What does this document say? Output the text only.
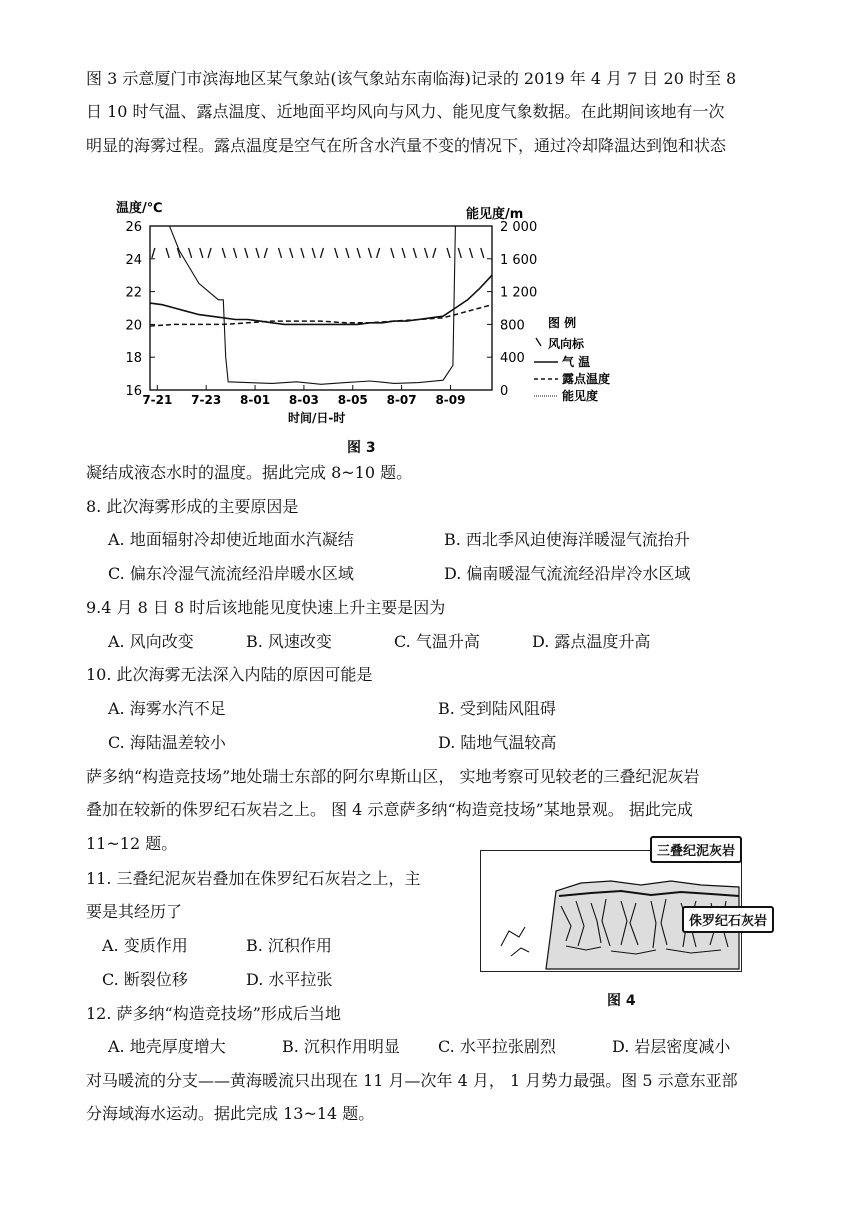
图 3 示意厦门市滨海地区某气象站(该气象站东南临海)记录的 2019 年 4 月 7 日 20 时至 8
日 10 时气温、露点温度、近地面平均风向与风力、能见度气象数据。在此期间该地有一次
明显的海雾过程。露点温度是空气在所含水汽量不变的情况下，通过冷却降温达到饱和状态
温度/℃	能见度/m
时间/日-时
16
18
20
22
24
26
0
400
800
1 200
1 600
2 000
7-21 7-23 8-01 8-03 8-05 8-07 8-09
图 例
风向标
气 温
露点温度
能见度
图 3
凝结成液态水时的温度。据此完成 8~10 题。
8. 此次海雾形成的主要原因是
A. 地面辐射冷却使近地面水汽凝结	B. 西北季风迫使海洋暖湿气流抬升
C. 偏东冷湿气流流经沿岸暖水区域	D. 偏南暖湿气流流经沿岸冷水区域
9.4 月 8 日 8 时后该地能见度快速上升主要是因为
A. 风向改变	B. 风速改变	C. 气温升高	D. 露点温度升高
10. 此次海雾无法深入内陆的原因可能是
A. 海雾水汽不足	B. 受到陆风阻碍
C. 海陆温差较小	D. 陆地气温较高
萨多纳“构造竞技场”地处瑞士东部的阿尔卑斯山区， 实地考察可见较老的三叠纪泥灰岩
叠加在较新的侏罗纪石灰岩之上。 图 4 示意萨多纳“构造竞技场”某地景观。 据此完成
11~12 题。	三叠纪泥灰岩
侏罗纪石灰岩
图 4
11. 三叠纪泥灰岩叠加在侏罗纪石灰岩之上，主
要是其经历了
A. 变质作用	B. 沉积作用
C. 断裂位移	D. 水平拉张
12. 萨多纳“构造竞技场”形成后当地
A. 地壳厚度增大	B. 沉积作用明显 C. 水平拉张剧烈	D. 岩层密度减小
对马暖流的分支——黄海暖流只出现在 11 月—次年 4 月， 1 月势力最强。图 5 示意东亚部
分海域海水运动。据此完成 13~14 题。
